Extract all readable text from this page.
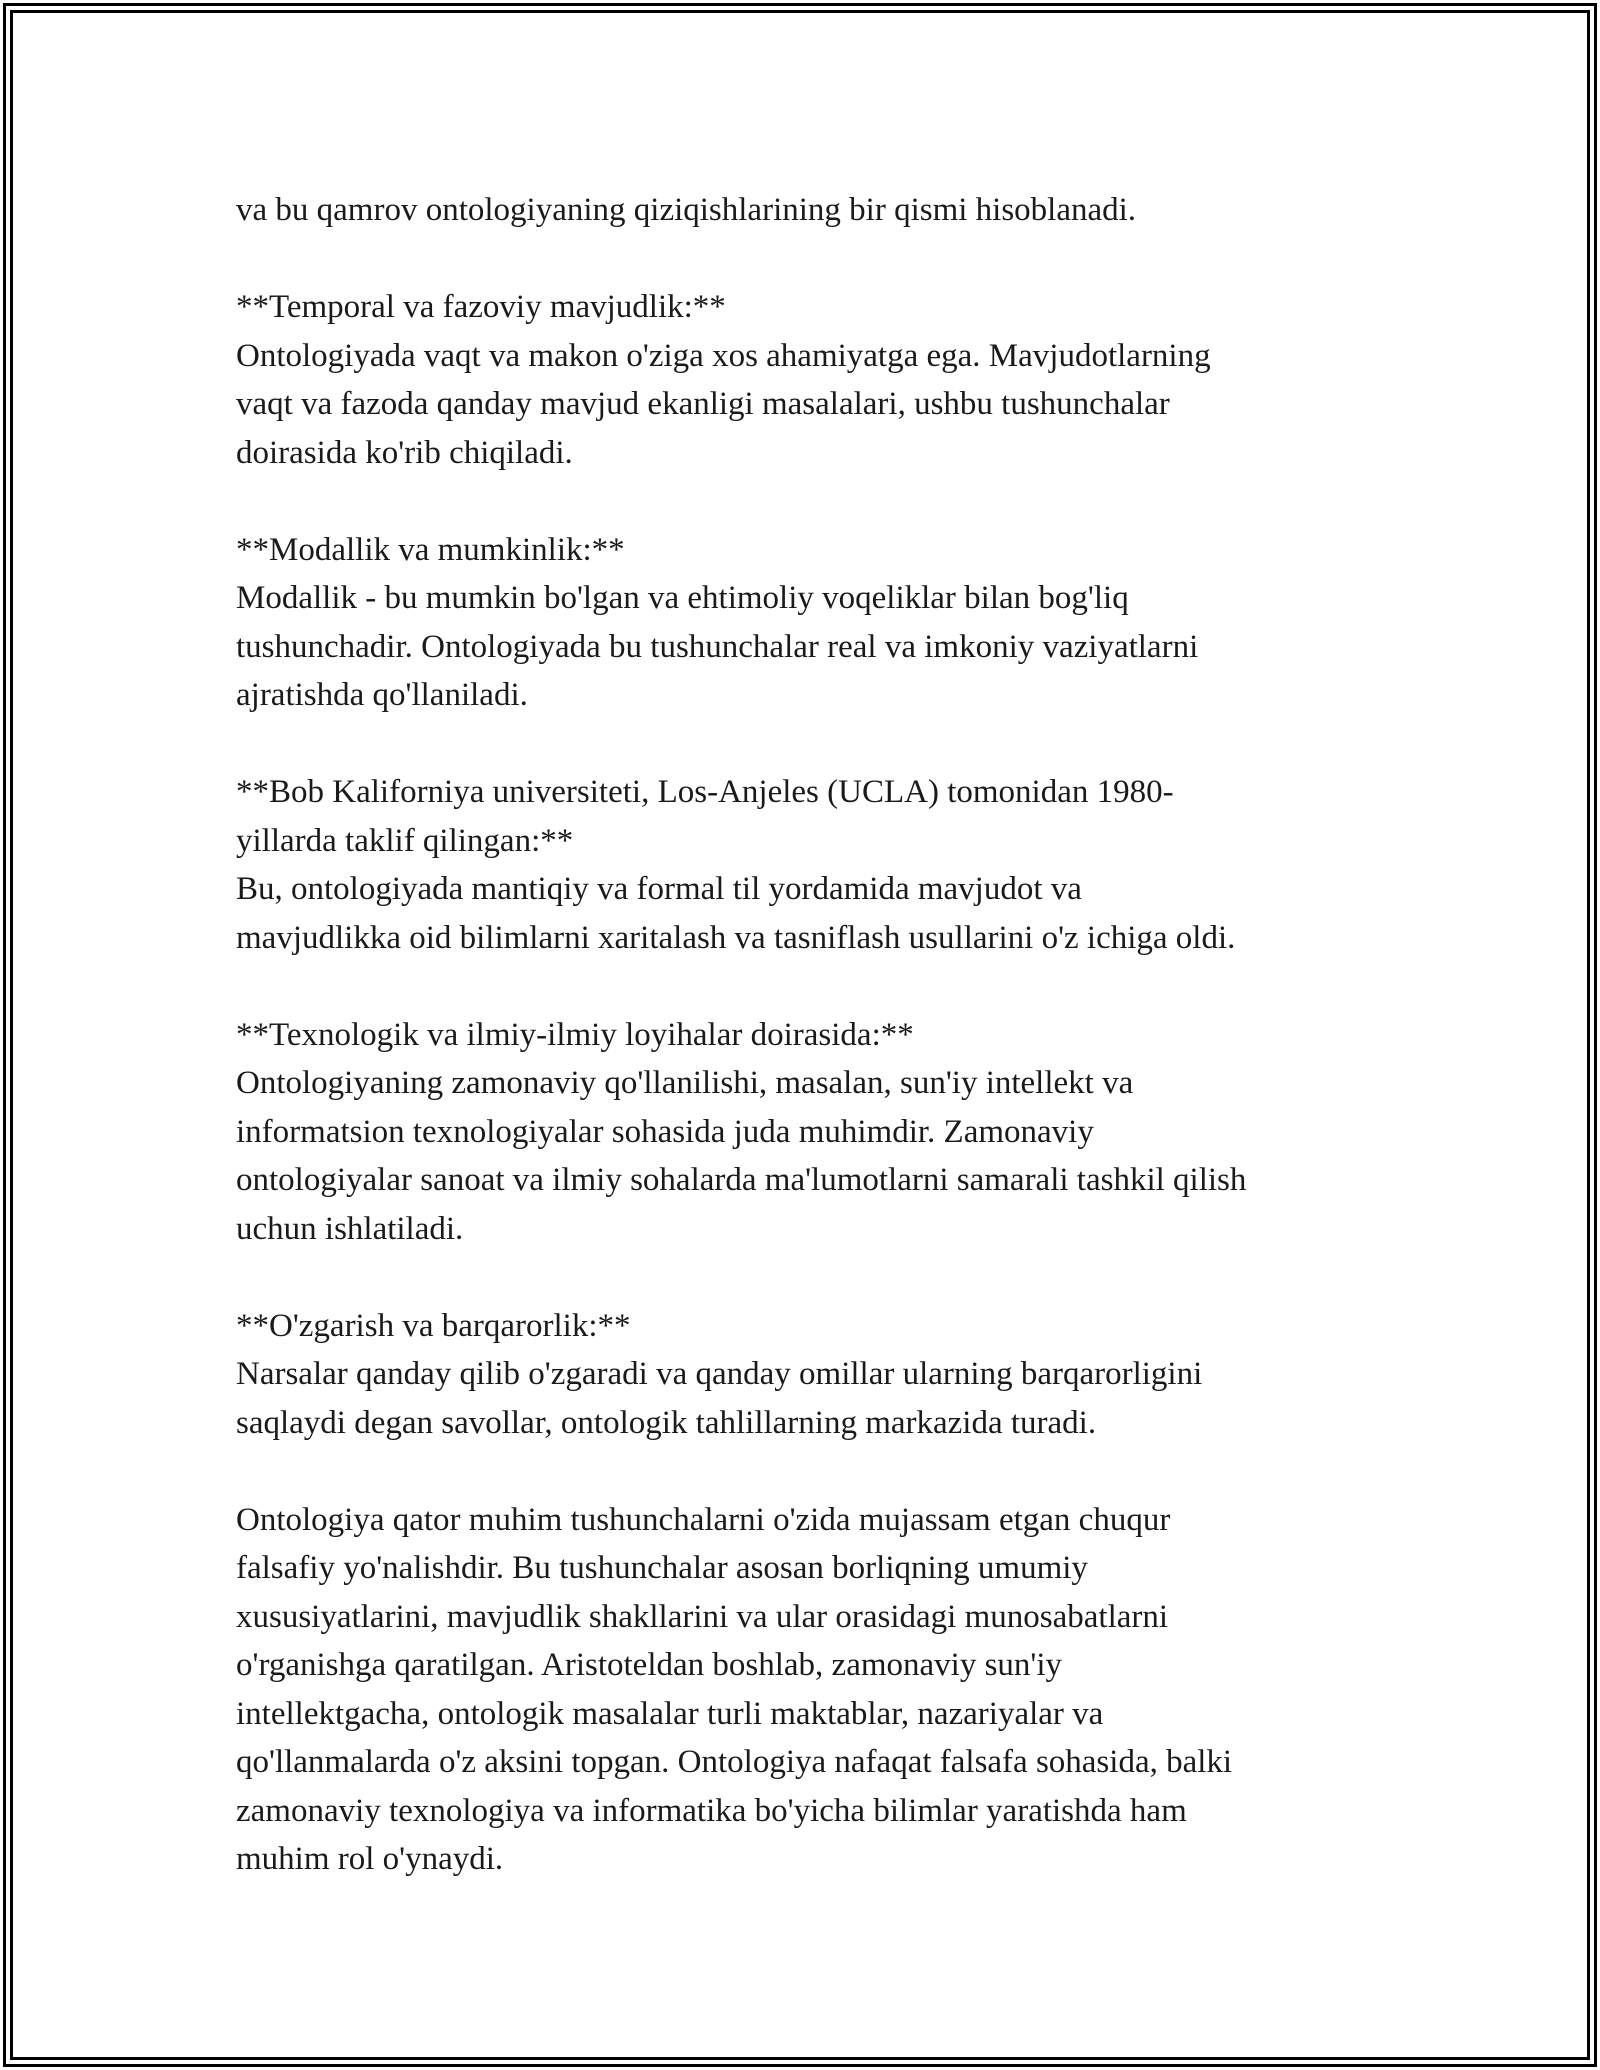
va bu qamrov ontologiyaning qiziqishlarining bir qismi hisoblanadi.

**Temporal va fazoviy mavjudlik:**
Ontologiyada vaqt va makon o'ziga xos ahamiyatga ega. Mavjudotlarning
vaqt va fazoda qanday mavjud ekanligi masalalari, ushbu tushunchalar
doirasida ko'rib chiqiladi.

**Modallik va mumkinlik:**
Modallik - bu mumkin bo'lgan va ehtimoliy voqeliklar bilan bog'liq
tushunchadir. Ontologiyada bu tushunchalar real va imkoniy vaziyatlarni
ajratishda qo'llaniladi.

**Bob Kaliforniya universiteti, Los-Anjeles (UCLA) tomonidan 1980-
yillarda taklif qilingan:**
Bu, ontologiyada mantiqiy va formal til yordamida mavjudot va
mavjudlikka oid bilimlarni xaritalash va tasniflash usullarini o'z ichiga oldi.

**Texnologik va ilmiy-ilmiy loyihalar doirasida:**
Ontologiyaning zamonaviy qo'llanilishi, masalan, sun'iy intellekt va
informatsion texnologiyalar sohasida juda muhimdir. Zamonaviy
ontologiyalar sanoat va ilmiy sohalarda ma'lumotlarni samarali tashkil qilish
uchun ishlatiladi.

**O'zgarish va barqarorlik:**
Narsalar qanday qilib o'zgaradi va qanday omillar ularning barqarorligini
saqlaydi degan savollar, ontologik tahlillarning markazida turadi.

Ontologiya qator muhim tushunchalarni o'zida mujassam etgan chuqur
falsafiy yo'nalishdir. Bu tushunchalar asosan borliqning umumiy
xususiyatlarini, mavjudlik shakllarini va ular orasidagi munosabatlarni
o'rganishga qaratilgan. Aristoteldan boshlab, zamonaviy sun'iy
intellektgacha, ontologik masalalar turli maktablar, nazariyalar va
qo'llanmalarda o'z aksini topgan. Ontologiya nafaqat falsafa sohasida, balki
zamonaviy texnologiya va informatika bo'yicha bilimlar yaratishda ham
muhim rol o'ynaydi.
